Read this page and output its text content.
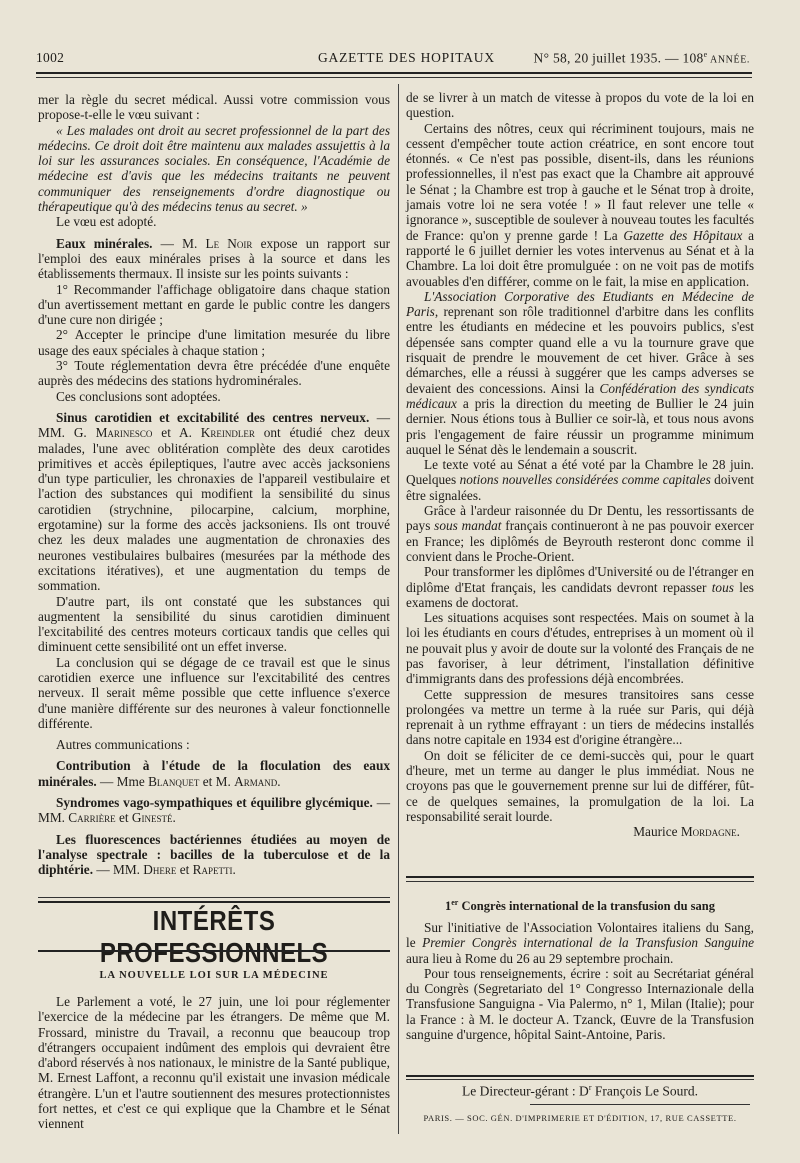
1002	GAZETTE DES HOPITAUX	N° 58, 20 juillet 1935. — 108e ANNÉE.

mer la règle du secret médical. Aussi votre commission vous propose-t-elle le vœu suivant :

« Les malades ont droit au secret professionnel de la part des médecins. Ce droit doit être maintenu aux malades assujettis à la loi sur les assurances sociales. En conséquence, l'Académie de médecine est d'avis que les médecins traitants ne peuvent communiquer des renseignements d'ordre diagnostique ou thérapeutique qu'à des médecins tenus au secret. »

Le vœu est adopté.

Eaux minérales. — M. Le Noir expose un rapport sur l'emploi des eaux minérales prises à la source et dans les établissements thermaux. Il insiste sur les points suivants :

1° Recommander l'affichage obligatoire dans chaque station d'un avertissement mettant en garde le public contre les dangers d'une cure non dirigée ;

2° Accepter le principe d'une limitation mesurée du libre usage des eaux spéciales à chaque station ;

3° Toute réglementation devra être précédée d'une enquête auprès des médecins des stations hydrominérales.

Ces conclusions sont adoptées.

Sinus carotidien et excitabilité des centres nerveux. — MM. G. Marinesco et A. Kreindler ont étudié chez deux malades, l'une avec oblitération complète des deux carotides primitives et accès épileptiques, l'autre avec accès jacksoniens d'un type particulier, les chronaxies de l'appareil vestibulaire et l'action des substances qui modifient la sensibilité du sinus carotidien (strychnine, pilocarpine, calcium, morphine, ergotamine) sur la forme des accès jacksoniens. Ils ont trouvé chez les deux malades une augmentation de chronaxies des neurones vestibulaires bulbaires (mesurées par la méthode des excitations itératives), et une augmentation du temps de sommation.

D'autre part, ils ont constaté que les substances qui augmentent la sensibilité du sinus carotidien diminuent l'excitabilité des centres moteurs corticaux tandis que celles qui diminuent cette sensibilité ont un effet inverse.

La conclusion qui se dégage de ce travail est que le sinus carotidien exerce une influence sur l'excitabilité des centres nerveux. Il serait même possible que cette influence s'exerce d'une manière différente sur des neurones à valeur fonctionnelle différente.

Autres communications :

Contribution à l'étude de la floculation des eaux minérales. — Mme Blanquet et M. Armand.

Syndromes vago-sympathiques et équilibre glycémique. — MM. Carrière et Ginesté.

Les fluorescences bactériennes étudiées au moyen de l'analyse spectrale : bacilles de la tuberculose et de la diphtérie. — MM. Dhere et Rapetti.

INTÉRÊTS PROFESSIONNELS
LA NOUVELLE LOI SUR LA MÉDECINE

Le Parlement a voté, le 27 juin, une loi pour réglementer l'exercice de la médecine par les étrangers. De même que M. Frossard, ministre du Travail, a reconnu que beaucoup trop d'étrangers occupaient indûment des emplois qui devraient être d'abord réservés à nos nationaux, le ministre de la Santé publique, M. Ernest Laffont, a reconnu qu'il existait une invasion médicale étrangère. L'un et l'autre soutiennent des mesures protectionnistes fort nettes, et c'est ce qui explique que la Chambre et le Sénat viennent

de se livrer à un match de vitesse à propos du vote de la loi en question.

Certains des nôtres, ceux qui récriminent toujours, mais ne cessent d'empêcher toute action créatrice, en sont encore tout étonnés. « Ce n'est pas possible, disent-ils, dans les réunions professionnelles, il n'est pas exact que la Chambre ait approuvé le Sénat ; la Chambre est trop à gauche et le Sénat trop à droite, jamais votre loi ne sera votée ! » Il faut relever une telle « ignorance », susceptible de soulever à nouveau toutes les facultés de France: qu'on y prenne garde ! La Gazette des Hôpitaux a rapporté le 6 juillet dernier les votes intervenus au Sénat et à la Chambre. La loi doit être promulguée : on ne voit pas de motifs avouables d'en différer, comme on le fait, la mise en application.

L'Association Corporative des Etudiants en Médecine de Paris, reprenant son rôle traditionnel d'arbitre dans les conflits entre les étudiants en médecine et les pouvoirs publics, s'est dépensée sans compter quand elle a vu la tournure grave que risquait de prendre le mouvement de cet hiver. Grâce à ses démarches, elle a réussi à suggérer que les camps adverses se devaient des concessions. Ainsi la Confédération des syndicats médicaux a pris la direction du meeting de Bullier le 24 juin dernier. Nous étions tous à Bullier ce soir-là, et tous nous avons pris l'engagement de faire réussir un programme minimum auquel le Sénat dès le lendemain a souscrit.

Le texte voté au Sénat a été voté par la Chambre le 28 juin. Quelques notions nouvelles considérées comme capitales doivent être signalées.

Grâce à l'ardeur raisonnée du Dr Dentu, les ressortissants de pays sous mandat français continueront à ne pas pouvoir exercer en France; les diplômés de Beyrouth resteront donc comme il convient dans le Proche-Orient.

Pour transformer les diplômes d'Université ou de l'étranger en diplôme d'Etat français, les candidats devront repasser tous les examens de doctorat.

Les situations acquises sont respectées. Mais on soumet à la loi les étudiants en cours d'études, entreprises à un moment où il ne pouvait plus y avoir de doute sur la volonté des Français de ne pas favoriser, à leur détriment, l'installation définitive d'immigrants dans des professions déjà encombrées.

Cette suppression de mesures transitoires sans cesse prolongées va mettre un terme à la ruée sur Paris, qui déjà reprenait à un rythme effrayant : un tiers de médecins installés dans notre capitale en 1934 est d'origine étrangère...

On doit se féliciter de ce demi-succès qui, pour le quart d'heure, met un terme au danger le plus immédiat. Nous ne croyons pas que le gouvernement prenne sur lui de différer, fût-ce de quelques semaines, la promulgation de la loi. La responsabilité serait lourde.

Maurice Mordagne.

1er Congrès international de la transfusion du sang

Sur l'initiative de l'Association Volontaires italiens du Sang, le Premier Congrès international de la Transfusion Sanguine aura lieu à Rome du 26 au 29 septembre prochain.

Pour tous renseignements, écrire : soit au Secrétariat général du Congrès (Segretariato del 1° Congresso Internazionale della Transfusione Sanguigna - Via Palermo, n° 1, Milan (Italie); pour la France : à M. le docteur A. Tzanck, Œuvre de la Transfusion sanguine d'urgence, hôpital Saint-Antoine, Paris.

Le Directeur-gérant : $D^r$ François Le Sourd.
PARIS. — SOC. GÉN. D'IMPRIMERIE ET D'ÉDITION, 17, RUE CASSETTE.
